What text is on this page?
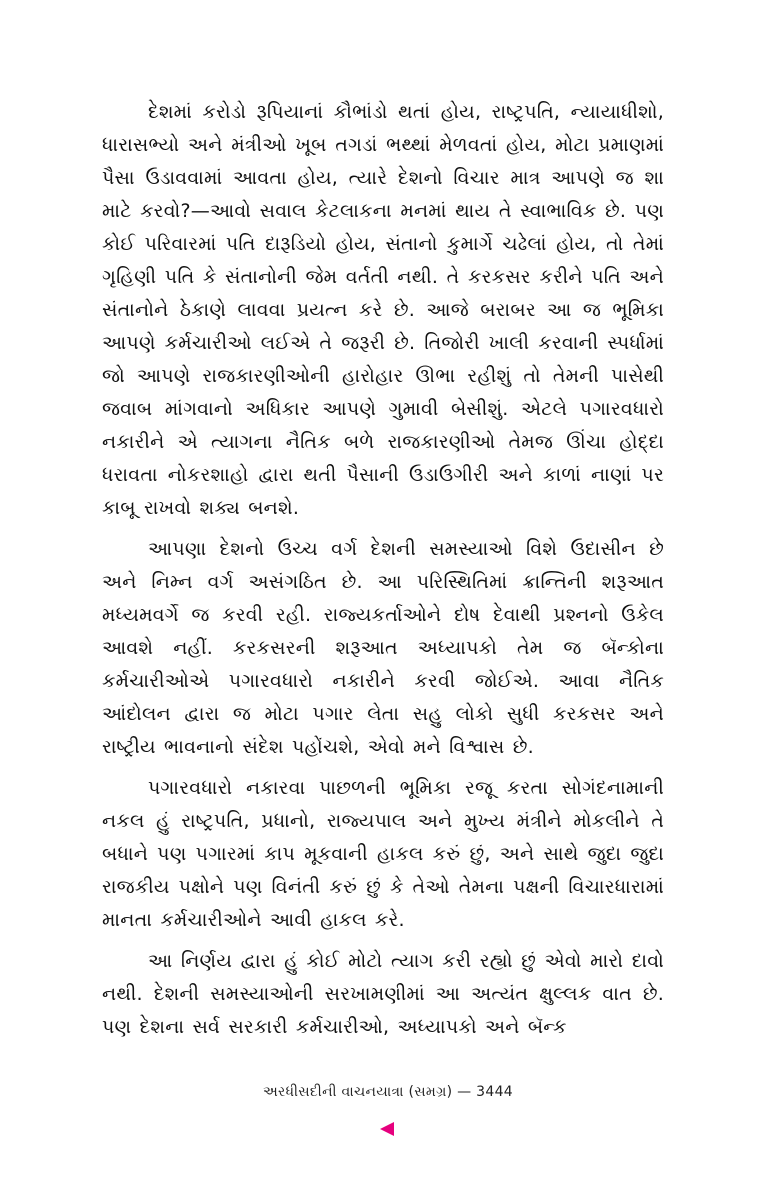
દેશમાં કરોડો રૂપિયાનાં કૌભાંડો થતાં હોય, રાષ્ટ્રપતિ, ન્યાયાધીશો, ધારાસભ્યો અને મંત્રીઓ ખૂબ તગડાં ભથ્થાં મેળવતાં હોય, મોટા પ્રમાણમાં પૈસા ઉડાવવામાં આવતા હોય, ત્યારે દેશનો વિચાર માત્ર આપણે જ શા માટે કરવો?—આવો સવાલ કેટલાકના મનમાં થાય તે સ્વાભાવિક છે. પણ કોઈ પરિવારમાં પતિ દારૂડિયો હોય, સંતાનો કુમાર્ગે ચઢેલાં હોય, તો તેમાં ગૃહિણી પતિ કે સંતાનોની જેમ વર્તતી નથી. તે કરકસર કરીને પતિ અને સંતાનોને ઠેકાણે લાવવા પ્રયત્ન કરે છે. આજે બરાબર આ જ ભૂમિકા આપણે કર્મચારીઓ લઈએ તે જરૂરી છે. તિજોરી ખાલી કરવાની સ્પર્ધામાં જો આપણે રાજકારણીઓની હારોહાર ઊભા રહીશું તો તેમની પાસેથી જવાબ માંગવાનો અધિકાર આપણે ગુમાવી બેસીશું. એટલે પગારવધારો નકારીને એ ત્યાગના નૈતિક બળે રાજકારણીઓ તેમજ ઊંચા હોદ્દા ધરાવતા નોકરશાહો દ્વારા થતી પૈસાની ઉડાઉગીરી અને કાળાં નાણાં પર કાબૂ રાખવો શક્ય બનશે.

આપણા દેશનો ઉચ્ચ વર્ગ દેશની સમસ્યાઓ વિશે ઉદાસીન છે અને નિમ્ન વર્ગ અસંગઠિત છે. આ પરિસ્થિતિમાં ક્રાન્તિની શરૂઆત મધ્યમવર્ગે જ કરવી રહી. રાજ્યકર્તાઓને દોષ દેવાથી પ્રશ્નનો ઉકેલ આવશે નહીં. કરકસરની શરૂઆત અધ્યાપકો તેમ જ બૅન્કોના કર્મચારીઓએ પગારવધારો નકારીને કરવી જોઈએ. આવા નૈતિક આંદોલન દ્વારા જ મોટા પગાર લેતા સહુ લોકો સુધી કરકસર અને રાષ્ટ્રીય ભાવનાનો સંદેશ પહોંચશે, એવો મને વિશ્વાસ છે.

પગારવધારો નકારવા પાછળની ભૂમિકા રજૂ કરતા સોગંદનામાની નકલ હું રાષ્ટ્રપતિ, પ્રધાનો, રાજ્યપાલ અને મુખ્ય મંત્રીને મોકલીને તે બધાને પણ પગારમાં કાપ મૂકવાની હાકલ કરું છું, અને સાથે જુદા જુદા રાજકીય પક્ષોને પણ વિનંતી કરું છું કે તેઓ તેમના પક્ષની વિચારધારામાં માનતા કર્મચારીઓને આવી હાકલ કરે.

આ નિર્ણય દ્વારા હું કોઈ મોટો ત્યાગ કરી રહ્યો છું એવો મારો દાવો નથી. દેશની સમસ્યાઓની સરખામણીમાં આ અત્યંત ક્ષુલ્લક વાત છે. પણ દેશના સર્વ સરકારી કર્મચારીઓ, અધ્યાપકો અને બૅન્ક

અરધીસદીની વાચનયાત્રા (સમગ્ર) — 3444
